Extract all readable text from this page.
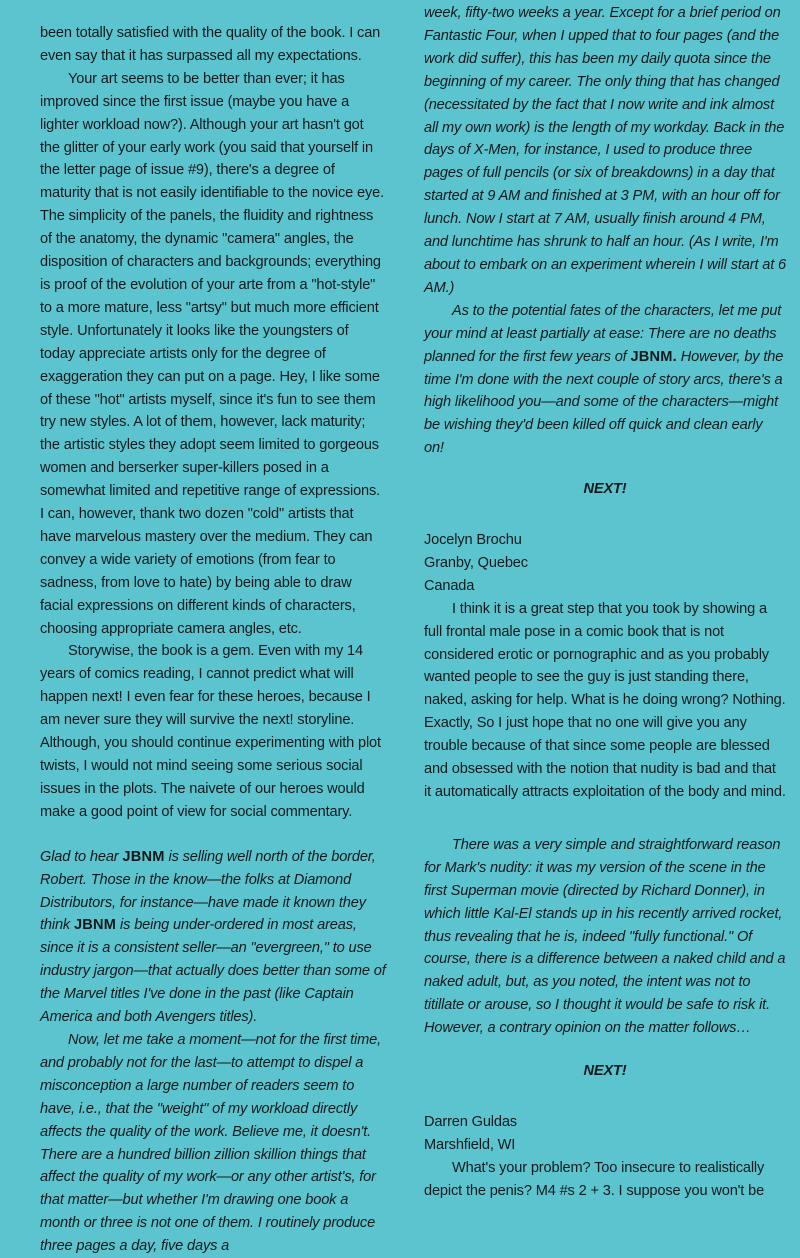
been totally satisfied with the quality of the book. I can even say that it has surpassed all my expectations.

Your art seems to be better than ever; it has improved since the first issue (maybe you have a lighter workload now?). Although your art hasn't got the glitter of your early work (you said that yourself in the letter page of issue #9), there's a degree of maturity that is not easily identifiable to the novice eye. The simplicity of the panels, the fluidity and rightness of the anatomy, the dynamic "camera" angles, the disposition of characters and backgrounds; everything is proof of the evolution of your arte from a "hot-style" to a more mature, less "artsy" but much more efficient style. Unfortunately it looks like the youngsters of today appreciate artists only for the degree of exaggeration they can put on a page. Hey, I like some of these "hot" artists myself, since it's fun to see them try new styles. A lot of them, however, lack maturity; the artistic styles they adopt seem limited to gorgeous women and berserker super-killers posed in a somewhat limited and repetitive range of expressions. I can, however, thank two dozen "cold" artists that have marvelous mastery over the medium. They can convey a wide variety of emotions (from fear to sadness, from love to hate) by being able to draw facial expressions on different kinds of characters, choosing appropriate camera angles, etc.

Storywise, the book is a gem. Even with my 14 years of comics reading, I cannot predict what will happen next! I even fear for these heroes, because I am never sure they will survive the next! storyline. Although, you should continue experimenting with plot twists, I would not mind seeing some serious social issues in the plots. The naivete of our heroes would make a good point of view for social commentary.

Glad to hear JBNM is selling well north of the border, Robert. Those in the know—the folks at Diamond Distributors, for instance—have made it known they think JBNM is being under-ordered in most areas, since it is a consistent seller—an "evergreen," to use industry jargon—that actually does better than some of the Marvel titles I've done in the past (like Captain America and both Avengers titles).

Now, let me take a moment—not for the first time, and probably not for the last—to attempt to dispel a misconception a large number of readers seem to have, i.e., that the "weight" of my workload directly affects the quality of the work. Believe me, it doesn't. There are a hundred billion zillion skillion things that affect the quality of my work—or any other artist's, for that matter—but whether I'm drawing one book a month or three is not one of them. I routinely produce three pages a day, five days a

week, fifty-two weeks a year. Except for a brief period on Fantastic Four, when I upped that to four pages (and the work did suffer), this has been my daily quota since the beginning of my career. The only thing that has changed (necessitated by the fact that I now write and ink almost all my own work) is the length of my workday. Back in the days of X-Men, for instance, I used to produce three pages of full pencils (or six of breakdowns) in a day that started at 9 AM and finished at 3 PM, with an hour off for lunch. Now I start at 7 AM, usually finish around 4 PM, and lunchtime has shrunk to half an hour. (As I write, I'm about to embark on an experiment wherein I will start at 6 AM.)

As to the potential fates of the characters, let me put your mind at least partially at ease: There are no deaths planned for the first few years of JBNM. However, by the time I'm done with the next couple of story arcs, there's a high likelihood you—and some of the characters—might be wishing they'd been killed off quick and clean early on!

NEXT!

Jocelyn Brochu

Granby, Quebec

Canada

I think it is a great step that you took by showing a full frontal male pose in a comic book that is not considered erotic or pornographic and as you probably wanted people to see the guy is just standing there, naked, asking for help. What is he doing wrong? Nothing. Exactly, So I just hope that no one will give you any trouble because of that since some people are blessed and obsessed with the notion that nudity is bad and that it automatically attracts exploitation of the body and mind.

There was a very simple and straightforward reason for Mark's nudity: it was my version of the scene in the first Superman movie (directed by Richard Donner), in which little Kal-El stands up in his recently arrived rocket, thus revealing that he is, indeed "fully functional." Of course, there is a difference between a naked child and a naked adult, but, as you noted, the intent was not to titillate or arouse, so I thought it would be safe to risk it. However, a contrary opinion on the matter follows…

NEXT!

Darren Guldas

Marshfield, WI

What's your problem? Too insecure to realistically depict the penis? M4 #s 2 + 3. I suppose you won't be
